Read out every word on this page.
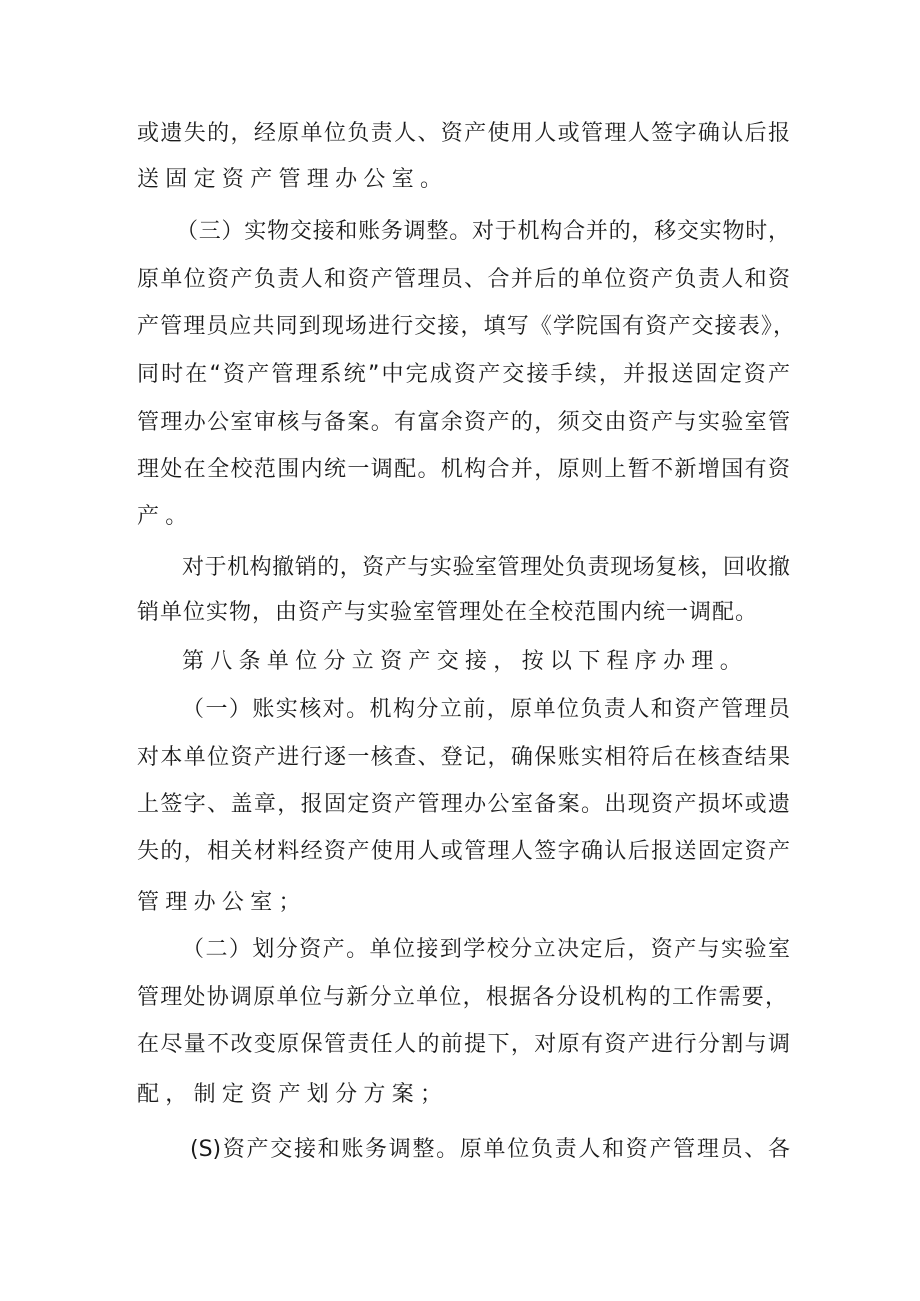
或遗失的，经原单位负责人、资产使用人或管理人签字确认后报
送固定资产管理办公室。
（三）实物交接和账务调整。对于机构合并的，移交实物时，
原单位资产负责人和资产管理员、合并后的单位资产负责人和资
产管理员应共同到现场进行交接，填写《学院国有资产交接表》，
同时在“资产管理系统”中完成资产交接手续，并报送固定资产
管理办公室审核与备案。有富余资产的，须交由资产与实验室管
理处在全校范围内统一调配。机构合并，原则上暂不新增国有资
产。
对于机构撤销的，资产与实验室管理处负责现场复核，回收撤
销单位实物，由资产与实验室管理处在全校范围内统一调配。
第八条单位分立资产交接，按以下程序办理。
（一）账实核对。机构分立前，原单位负责人和资产管理员
对本单位资产进行逐一核查、登记，确保账实相符后在核查结果
上签字、盖章，报固定资产管理办公室备案。出现资产损坏或遗
失的，相关材料经资产使用人或管理人签字确认后报送固定资产
管理办公室；
（二）划分资产。单位接到学校分立决定后，资产与实验室
管理处协调原单位与新分立单位，根据各分设机构的工作需要，
在尽量不改变原保管责任人的前提下，对原有资产进行分割与调
配，制定资产划分方案；
(S)资产交接和账务调整。原单位负责人和资产管理员、各
